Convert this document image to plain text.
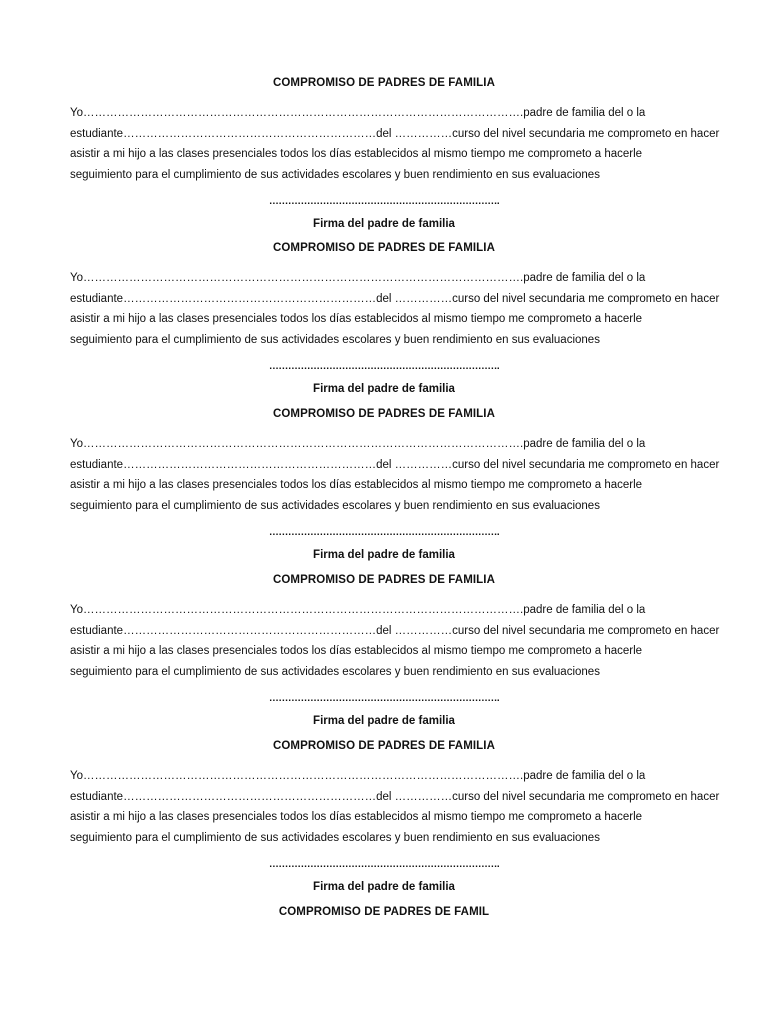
COMPROMISO DE PADRES DE FAMILIA
Yo…………………………………………………………………………………………………….padre de familia del o la
estudiante…………………………………………………………del ……………curso del nivel secundaria me comprometo en hacer
asistir a mi hijo a las clases presenciales todos los días establecidos al mismo tiempo me comprometo a hacerle
seguimiento para el cumplimiento de sus actividades escolares y buen rendimiento en sus evaluaciones
……………………………………………………………….
Firma del padre de familia
COMPROMISO DE PADRES DE FAMILIA
Yo…………………………………………………………………………………………………….padre de familia del o la
estudiante…………………………………………………………del ……………curso del nivel secundaria me comprometo en hacer
asistir a mi hijo a las clases presenciales todos los días establecidos al mismo tiempo me comprometo a hacerle
seguimiento para el cumplimiento de sus actividades escolares y buen rendimiento en sus evaluaciones
……………………………………………………………….
Firma del padre de familia
COMPROMISO DE PADRES DE FAMILIA
Yo…………………………………………………………………………………………………….padre de familia del o la
estudiante…………………………………………………………del ……………curso del nivel secundaria me comprometo en hacer
asistir a mi hijo a las clases presenciales todos los días establecidos al mismo tiempo me comprometo a hacerle
seguimiento para el cumplimiento de sus actividades escolares y buen rendimiento en sus evaluaciones
……………………………………………………………….
Firma del padre de familia
COMPROMISO DE PADRES DE FAMILIA
Yo…………………………………………………………………………………………………….padre de familia del o la
estudiante…………………………………………………………del ……………curso del nivel secundaria me comprometo en hacer
asistir a mi hijo a las clases presenciales todos los días establecidos al mismo tiempo me comprometo a hacerle
seguimiento para el cumplimiento de sus actividades escolares y buen rendimiento en sus evaluaciones
……………………………………………………………….
Firma del padre de familia
COMPROMISO DE PADRES DE FAMILIA
Yo…………………………………………………………………………………………………….padre de familia del o la
estudiante…………………………………………………………del ……………curso del nivel secundaria me comprometo en hacer
asistir a mi hijo a las clases presenciales todos los días establecidos al mismo tiempo me comprometo a hacerle
seguimiento para el cumplimiento de sus actividades escolares y buen rendimiento en sus evaluaciones
……………………………………………………………….
Firma del padre de familia
COMPROMISO DE PADRES DE FAMIL
